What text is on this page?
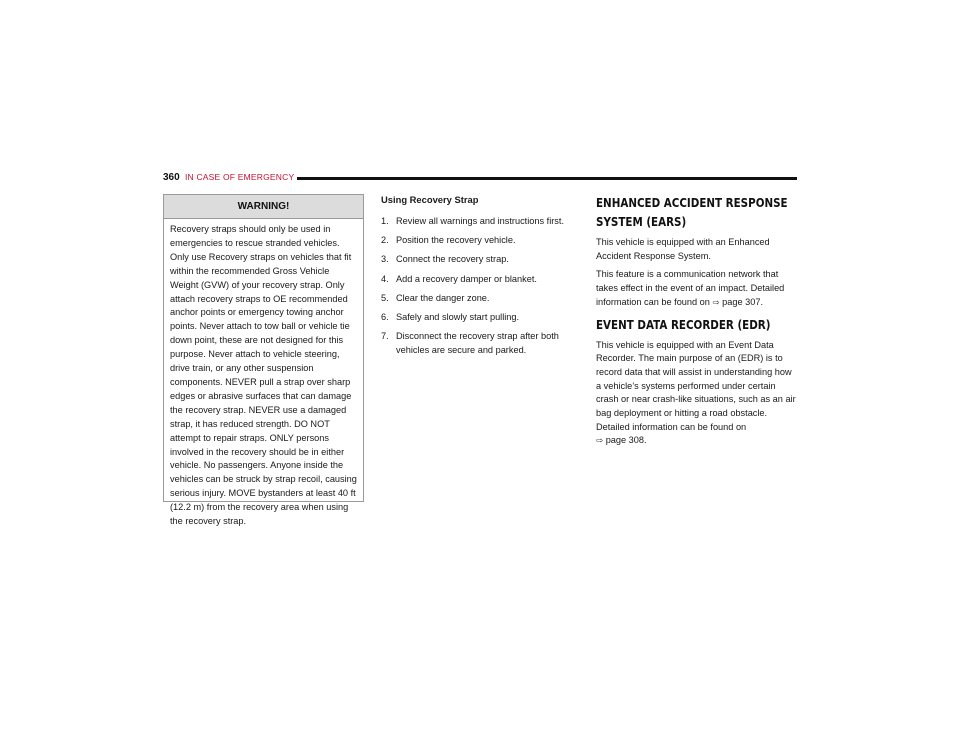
360 IN CASE OF EMERGENCY
WARNING!
Recovery straps should only be used in emergencies to rescue stranded vehicles. Only use Recovery straps on vehicles that fit within the recommended Gross Vehicle Weight (GVW) of your recovery strap. Only attach recovery straps to OE recommended anchor points or emergency towing anchor points. Never attach to tow ball or vehicle tie down point, these are not designed for this purpose. Never attach to vehicle steering, drive train, or any other suspension components. NEVER pull a strap over sharp edges or abrasive surfaces that can damage the recovery strap. NEVER use a damaged strap, it has reduced strength. DO NOT attempt to repair straps. ONLY persons involved in the recovery should be in either vehicle. No passengers. Anyone inside the vehicles can be struck by strap recoil, causing serious injury. MOVE bystanders at least 40 ft (12.2 m) from the recovery area when using the recovery strap.
Using Recovery Strap
1. Review all warnings and instructions first.
2. Position the recovery vehicle.
3. Connect the recovery strap.
4. Add a recovery damper or blanket.
5. Clear the danger zone.
6. Safely and slowly start pulling.
7. Disconnect the recovery strap after both vehicles are secure and parked.
ENHANCED ACCIDENT RESPONSE
SYSTEM (EARS)

This vehicle is equipped with an Enhanced Accident Response System.

This feature is a communication network that takes effect in the event of an impact. Detailed information can be found on ⇨ page 307.

EVENT DATA RECORDER (EDR)

This vehicle is equipped with an Event Data Recorder. The main purpose of an (EDR) is to record data that will assist in understanding how a vehicle’s systems performed under certain crash or near crash-like situations, such as an air bag deployment or hitting a road obstacle. Detailed information can be found on
⇨ page 308.
